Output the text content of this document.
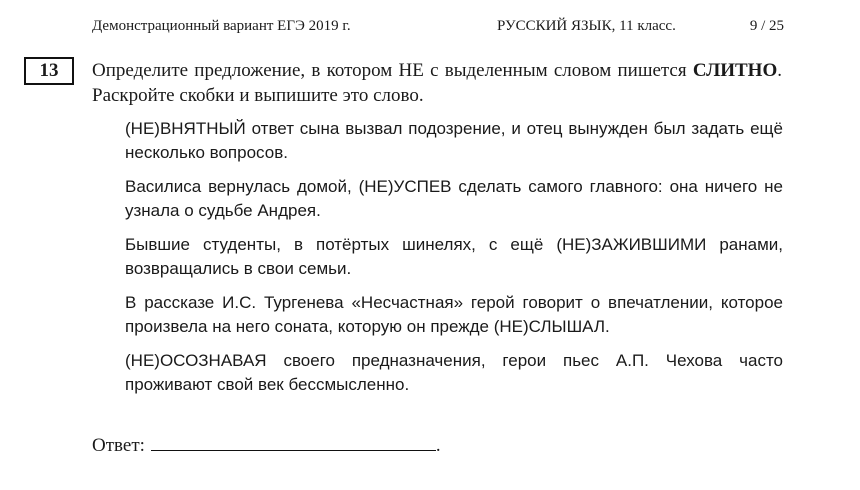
Демонстрационный вариант ЕГЭ 2019 г.	РУССКИЙ ЯЗЫК, 11 класс.	9 / 25
13	Определите предложение, в котором НЕ с выделенным словом пишется СЛИТНО. Раскройте скобки и выпишите это слово.

(НЕ)ВНЯТНЫЙ ответ сына вызвал подозрение, и отец вынужден был задать ещё несколько вопросов.

Василиса вернулась домой, (НЕ)УСПЕВ сделать самого главного: она ничего не узнала о судьбе Андрея.

Бывшие студенты, в потёртых шинелях, с ещё (НЕ)ЗАЖИВШИМИ ранами, возвращались в свои семьи.

В рассказе И.С. Тургенева «Несчастная» герой говорит о впечатлении, которое произвела на него соната, которую он прежде (НЕ)СЛЫШАЛ.

(НЕ)ОСОЗНАВАЯ своего предназначения, герои пьес А.П. Чехова часто проживают свой век бессмысленно.

Ответ:	.
